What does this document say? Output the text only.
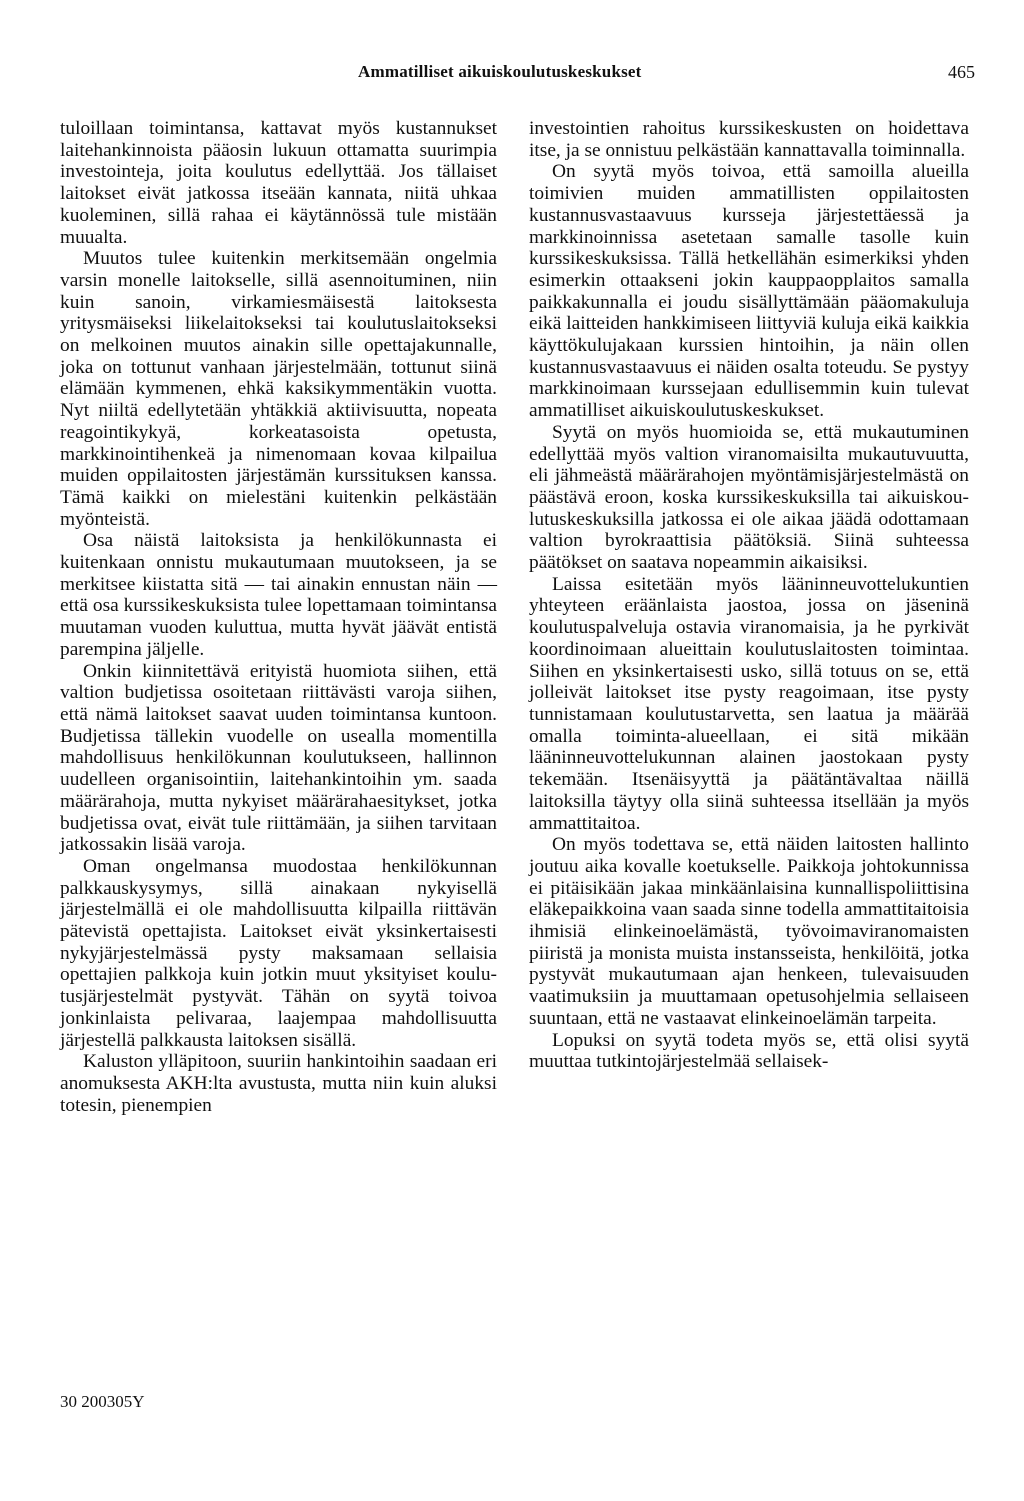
Ammatilliset aikuiskoulutuskeskukset	465

tuloillaan toimintansa, kattavat myös kustannukset laitehankinnoista pääosin lukuun ottamatta suurimpia investointeja, joita koulutus edellyttää. Jos tällaiset laitokset eivät jatkossa itseään kannata, niitä uhkaa kuoleminen, sillä rahaa ei käytännössä tule mistään muualta.

Muutos tulee kuitenkin merkitsemään ongelmia varsin monelle laitokselle, sillä asennoituminen, niin kuin sanoin, virkamiesmäisestä laitoksesta yritysmäiseksi liikelaitokseksi tai koulutuslaitokseksi on melkoinen muutos ainakin sille opettajakunnalle, joka on tottunut vanhaan järjestelmään, tottunut siinä elämään kymmenen, ehkä kaksikymmentäkin vuotta. Nyt niiltä edellytetään yhtäkkiä aktiivisuutta, nopeata reagointikykyä, korkeatasoista opetusta, markkinointihenkeä ja nimenomaan kovaa kilpailua muiden oppilaitosten järjestämän kurssituksen kanssa. Tämä kaikki on mielestäni kuitenkin pelkästään myönteistä.

Osa näistä laitoksista ja henkilökunnasta ei kuitenkaan onnistu mukautumaan muutokseen, ja se merkitsee kiistatta sitä — tai ainakin ennustan näin — että osa kurssikeskuksista tulee lopettamaan toimintansa muutaman vuoden kuluttua, mutta hyvät jäävät entistä parempina jäljelle.

Onkin kiinnitettävä erityistä huomiota siihen, että valtion budjetissa osoitetaan riittävästi varoja siihen, että nämä laitokset saavat uuden toimintansa kuntoon. Budjetissa tällekin vuodelle on usealla momentilla mahdollisuus henkilökunnan koulutukseen, hallinnon uudelleen organisointiin, laitehankintoihin ym. saada määrärahoja, mutta nykyiset määrärahaesitykset, jotka budjetissa ovat, eivät tule riittämään, ja siihen tarvitaan jatkossakin lisää varoja.

Oman ongelmansa muodostaa henkilökunnan palkkauskysymys, sillä ainakaan nykyisellä järjestelmällä ei ole mahdollisuutta kilpailla riittävän pätevistä opettajista. Laitokset eivät yksinkertaisesti nykyjärjestelmässä pysty maksamaan sellaisia opettajien palkkoja kuin jotkin muut yksityiset koulutusjärjestelmät pystyvät. Tähän on syytä toivoa jonkinlaista pelivaraa, laajempaa mahdollisuutta järjestellä palkkausta laitoksen sisällä.

Kaluston ylläpitoon, suuriin hankintoihin saadaan eri anomuksesta AKH:lta avustusta, mutta niin kuin aluksi totesin, pienempien

investointien rahoitus kurssikeskusten on hoidettava itse, ja se onnistuu pelkästään kannattavalla toiminnalla.

On syytä myös toivoa, että samoilla alueilla toimivien muiden ammatillisten oppilaitosten kustannusvastaavuus kursseja järjestettäessä ja markkinoinnissa asetetaan samalle tasolle kuin kurssikeskuksissa. Tällä hetkellähän esimerkiksi yhden esimerkin ottaakseni jokin kauppaopplaitos samalla paikkakunnalla ei joudu sisällyttämään pääomakuluja eikä laitteiden hankkimiseen liittyviä kuluja eikä kaikkia käyttökulujakaan kurssien hintoihin, ja näin ollen kustannusvastaavuus ei näiden osalta toteudu. Se pystyy markkinoimaan kurssejaan edullisemmin kuin tulevat ammatilliset aikuiskoulutuskeskukset.

Syytä on myös huomioida se, että mukautuminen edellyttää myös valtion viranomaisilta mukautuvuutta, eli jähmeästä määrärahojen myöntämisjärjestelmästä on päästävä eroon, koska kurssikeskuksilla tai aikuiskoulutuskeskuksilla jatkossa ei ole aikaa jäädä odottamaan valtion byrokraattisia päätöksiä. Siinä suhteessa päätökset on saatava nopeammin aikaisiksi.

Laissa esitetään myös lääninneuvottelukuntien yhteyteen eräänlaista jaostoa, jossa on jäseninä koulutuspalveluja ostavia viranomaisia, ja he pyrkivät koordinoimaan alueittain koulutuslaitosten toimintaa. Siihen en yksinkertaisesti usko, sillä totuus on se, että jolleivät laitokset itse pysty reagoimaan, itse pysty tunnistamaan koulutustarvetta, sen laatua ja määrää omalla toiminta-alueellaan, ei sitä mikään lääninneuvottelukunnan alainen jaostokaan pysty tekemään. Itsenäisyyttä ja päätäntävaltaa näillä laitoksilla täytyy olla siinä suhteessa itsellään ja myös ammattitaitoa.

On myös todettava se, että näiden laitosten hallinto joutuu aika kovalle koetukselle. Paikkoja johtokunnissa ei pitäisikään jakaa minkäänlaisina kunnallispoliittisina eläkepaikkoina vaan saada sinne todella ammattitaitoisia ihmisiä elinkeinoelämästä, työvoimaviranomaisten piiristä ja monista muista instansseista, henkilöitä, jotka pystyvät mukautumaan ajan henkeen, tulevaisuuden vaatimuksiin ja muuttamaan opetusohjelmia sellaiseen suuntaan, että ne vastaavat elinkeinoelämän tarpeita.

Lopuksi on syytä todeta myös se, että olisi syytä muuttaa tutkintojärjestelmää sellaisek-

30 200305Y
